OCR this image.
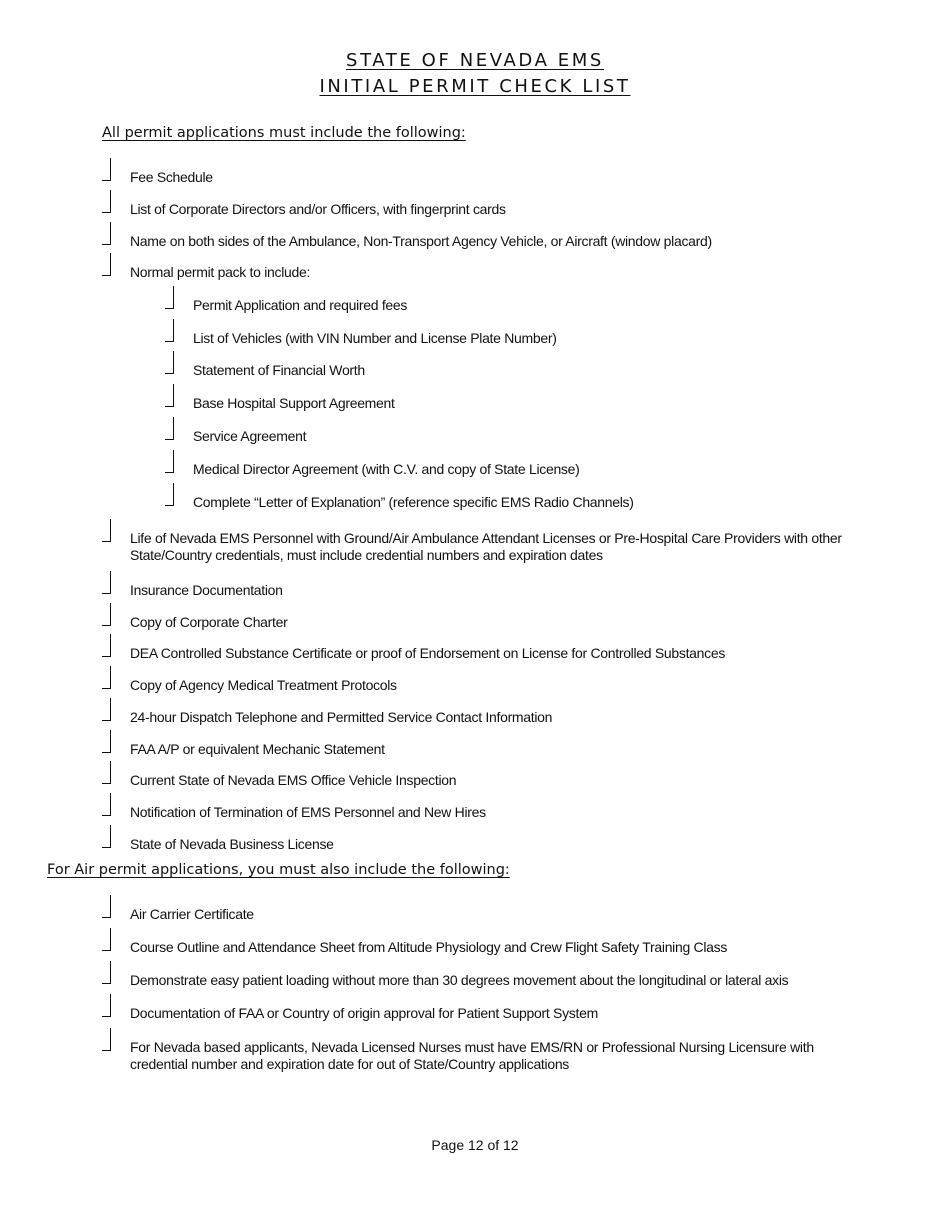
STATE OF NEVADA EMS
INITIAL PERMIT CHECK LIST
All permit applications must include the following:
Fee Schedule
List of Corporate Directors and/or Officers, with fingerprint cards
Name on both sides of the Ambulance, Non-Transport Agency Vehicle, or Aircraft (window placard)
Normal permit pack to include:
Permit Application and required fees
List of Vehicles (with VIN Number and License Plate Number)
Statement of Financial Worth
Base Hospital Support Agreement
Service Agreement
Medical Director Agreement (with C.V. and copy of State License)
Complete “Letter of Explanation” (reference specific EMS Radio Channels)
Life of Nevada EMS Personnel with Ground/Air Ambulance Attendant Licenses or Pre-Hospital Care Providers with other State/Country credentials, must include credential numbers and expiration dates
Insurance Documentation
Copy of Corporate Charter
DEA Controlled Substance Certificate or proof of Endorsement on License for Controlled Substances
Copy of Agency Medical Treatment Protocols
24-hour Dispatch Telephone and Permitted Service Contact Information
FAA A/P or equivalent Mechanic Statement
Current State of Nevada EMS Office Vehicle Inspection
Notification of Termination of EMS Personnel and New Hires
State of Nevada Business License
For Air permit applications, you must also include the following:
Air Carrier Certificate
Course Outline and Attendance Sheet from Altitude Physiology and Crew Flight Safety Training Class
Demonstrate easy patient loading without more than 30 degrees movement about the longitudinal or lateral axis
Documentation of FAA or Country of origin approval for Patient Support System
For Nevada based applicants, Nevada Licensed Nurses must have EMS/RN or Professional Nursing Licensure with credential number and expiration date for out of State/Country applications
Page 12 of 12
